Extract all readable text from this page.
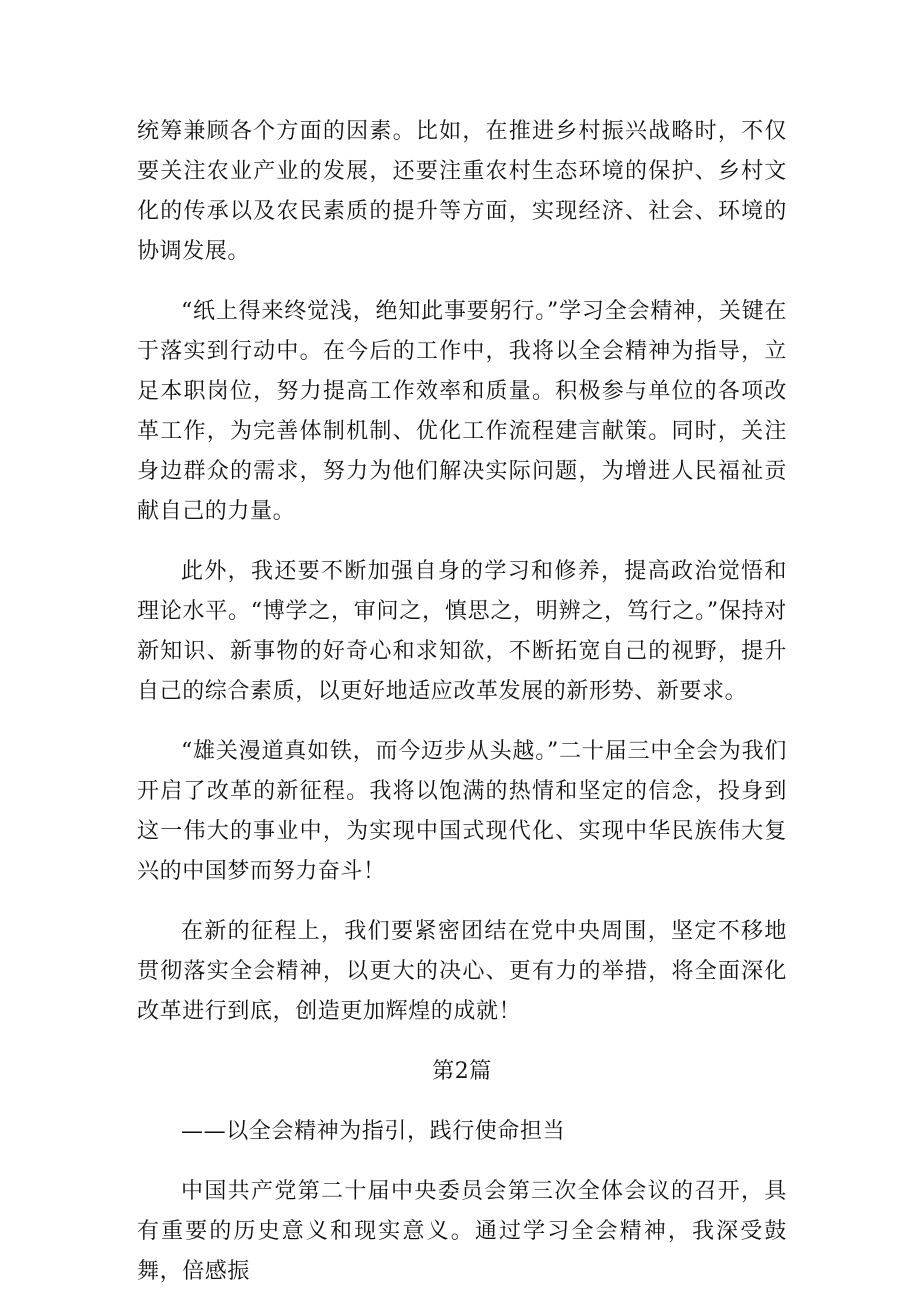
统筹兼顾各个方面的因素。比如，在推进乡村振兴战略时，不仅要关注农业产业的发展，还要注重农村生态环境的保护、乡村文化的传承以及农民素质的提升等方面，实现经济、社会、环境的协调发展。

“纸上得来终觉浅，绝知此事要躬行。”学习全会精神，关键在于落实到行动中。在今后的工作中，我将以全会精神为指导，立足本职岗位，努力提高工作效率和质量。积极参与单位的各项改革工作，为完善体制机制、优化工作流程建言献策。同时，关注身边群众的需求，努力为他们解决实际问题，为增进人民福祉贡献自己的力量。

此外，我还要不断加强自身的学习和修养，提高政治觉悟和理论水平。“博学之，审问之，慎思之，明辨之，笃行之。”保持对新知识、新事物的好奇心和求知欲，不断拓宽自己的视野，提升自己的综合素质，以更好地适应改革发展的新形势、新要求。

“雄关漫道真如铁，而今迈步从头越。”二十届三中全会为我们开启了改革的新征程。我将以饱满的热情和坚定的信念，投身到这一伟大的事业中，为实现中国式现代化、实现中华民族伟大复兴的中国梦而努力奋斗！

在新的征程上，我们要紧密团结在党中央周围，坚定不移地贯彻落实全会精神，以更大的决心、更有力的举措，将全面深化改革进行到底，创造更加辉煌的成就！

第2篇

——以全会精神为指引，践行使命担当

中国共产党第二十届中央委员会第三次全体会议的召开，具有重要的历史意义和现实意义。通过学习全会精神，我深受鼓舞，倍感振
